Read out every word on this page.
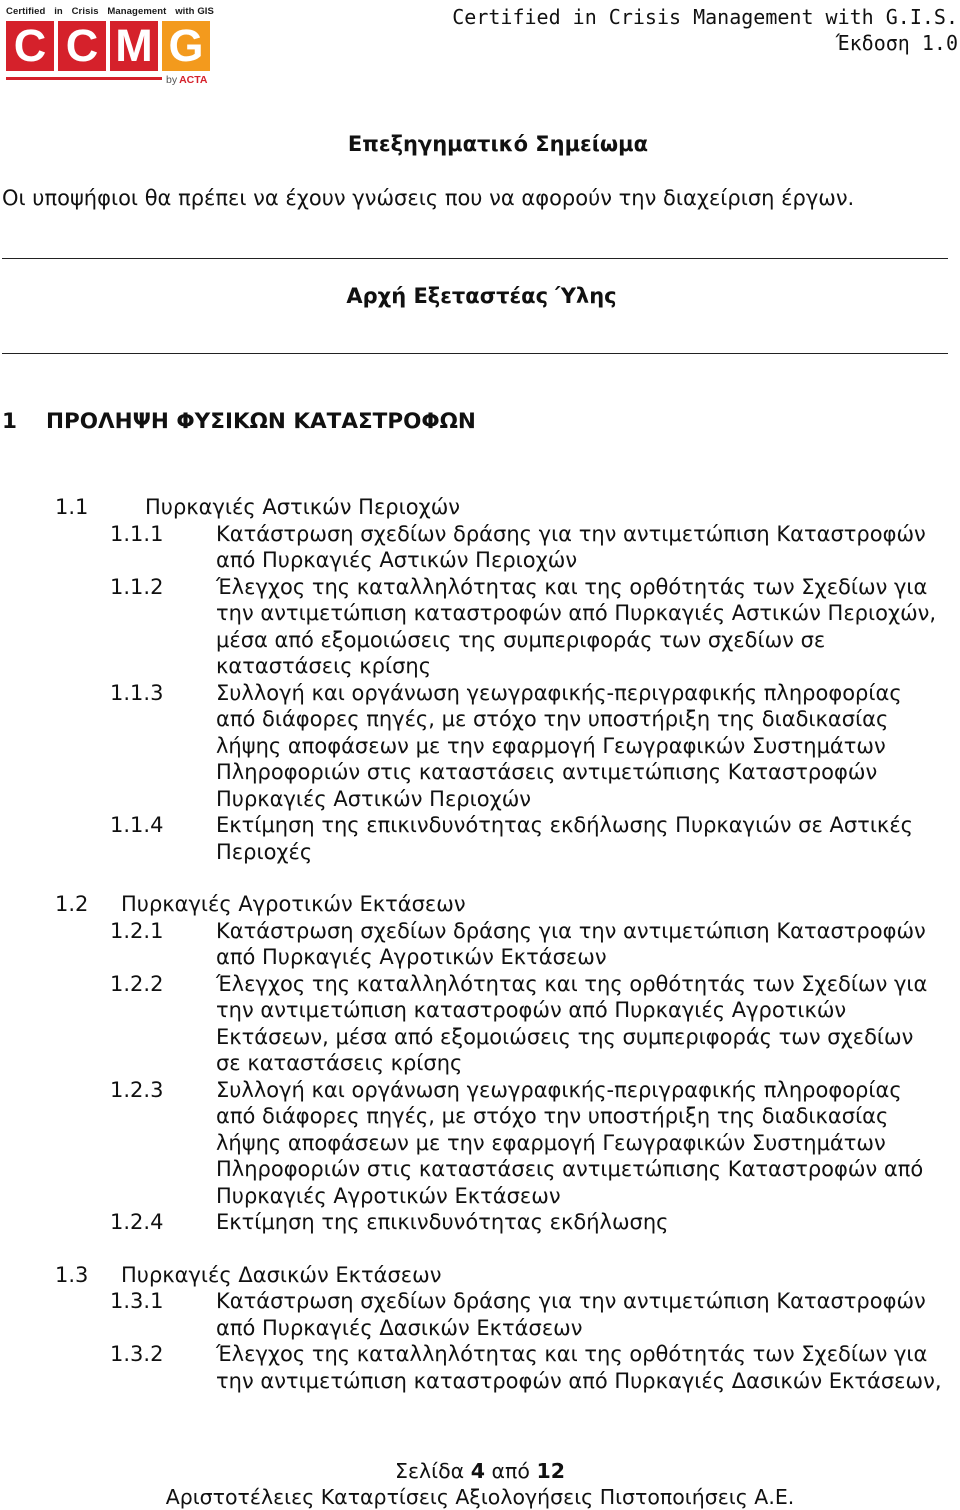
Certified in Crisis Management with GIS
C C M G
by ACTA
Certified in Crisis Management with G.I.S.
Έκδοση 1.0
Επεξηγηματικό Σημείωμα
Οι υποψήφιοι θα πρέπει να έχουν γνώσεις που να αφορούν την διαχείριση έργων.
Αρχή Εξεταστέας Ύλης
1 ΠΡΟΛΗΨΗ ΦΥΣΙΚΩΝ ΚΑΤΑΣΤΡΟΦΩΝ
1.1	Πυρκαγιές Αστικών Περιοχών
1.1.1	Κατάστρωση σχεδίων δράσης για την αντιμετώπιση Καταστροφών
από Πυρκαγιές Αστικών Περιοχών
1.1.2	Έλεγχος της καταλληλότητας και της ορθότητάς των Σχεδίων για
την αντιμετώπιση καταστροφών από Πυρκαγιές Αστικών Περιοχών,
μέσα από εξομοιώσεις της συμπεριφοράς των σχεδίων σε
καταστάσεις κρίσης
1.1.3	Συλλογή και οργάνωση γεωγραφικής-περιγραφικής πληροφορίας
από διάφορες πηγές, με στόχο την υποστήριξη της διαδικασίας
λήψης αποφάσεων με την εφαρμογή Γεωγραφικών Συστημάτων
Πληροφοριών στις καταστάσεις αντιμετώπισης Καταστροφών
Πυρκαγιές Αστικών Περιοχών
1.1.4	Εκτίμηση της επικινδυνότητας εκδήλωσης Πυρκαγιών σε Αστικές
Περιοχές
1.2 Πυρκαγιές Αγροτικών Εκτάσεων
1.2.1	Κατάστρωση σχεδίων δράσης για την αντιμετώπιση Καταστροφών
από Πυρκαγιές Αγροτικών Εκτάσεων
1.2.2	Έλεγχος της καταλληλότητας και της ορθότητάς των Σχεδίων για
την αντιμετώπιση καταστροφών από Πυρκαγιές Αγροτικών
Εκτάσεων, μέσα από εξομοιώσεις της συμπεριφοράς των σχεδίων
σε καταστάσεις κρίσης
1.2.3	Συλλογή και οργάνωση γεωγραφικής-περιγραφικής πληροφορίας
από διάφορες πηγές, με στόχο την υποστήριξη της διαδικασίας
λήψης αποφάσεων με την εφαρμογή Γεωγραφικών Συστημάτων
Πληροφοριών στις καταστάσεις αντιμετώπισης Καταστροφών από
Πυρκαγιές Αγροτικών Εκτάσεων
1.2.4	Εκτίμηση της επικινδυνότητας εκδήλωσης
1.3 Πυρκαγιές Δασικών Εκτάσεων
1.3.1	Κατάστρωση σχεδίων δράσης για την αντιμετώπιση Καταστροφών
από Πυρκαγιές Δασικών Εκτάσεων
1.3.2	Έλεγχος της καταλληλότητας και της ορθότητάς των Σχεδίων για
την αντιμετώπιση καταστροφών από Πυρκαγιές Δασικών Εκτάσεων,
Σελίδα 4 από 12
Αριστοτέλειες Καταρτίσεις Αξιολογήσεις Πιστοποιήσεις Α.Ε.
